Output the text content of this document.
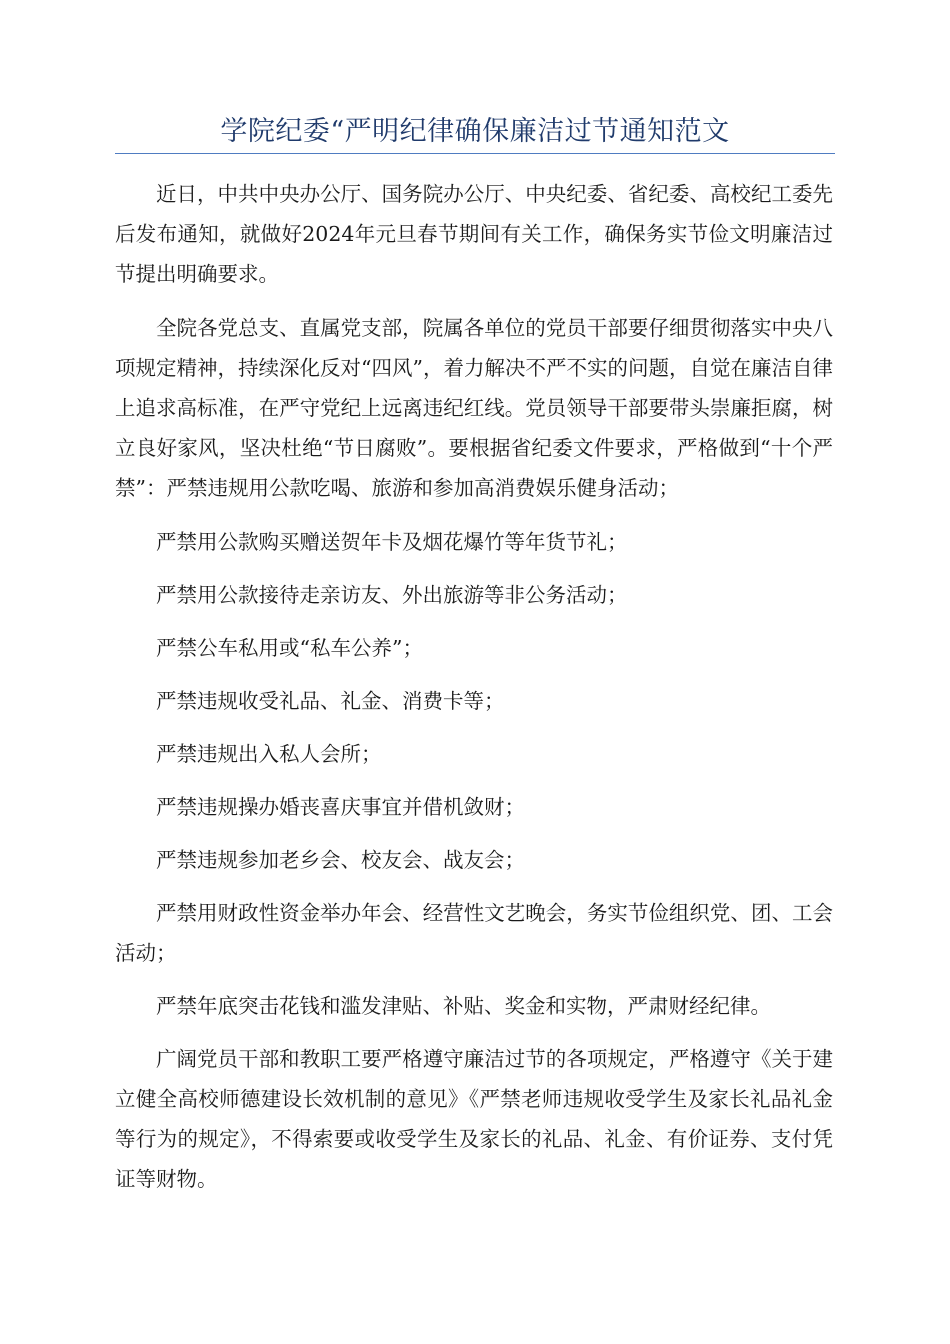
学院纪委“严明纪律确保廉洁过节通知范文

近日，中共中央办公厅、国务院办公厅、中央纪委、省纪委、高校纪工委先后发布通知，就做好2024年元旦春节期间有关工作，确保务实节俭文明廉洁过节提出明确要求。

全院各党总支、直属党支部，院属各单位的党员干部要仔细贯彻落实中央八项规定精神，持续深化反对“四风”，着力解决不严不实的问题，自觉在廉洁自律上追求高标准，在严守党纪上远离违纪红线。党员领导干部要带头崇廉拒腐，树立良好家风，坚决杜绝“节日腐败”。要根据省纪委文件要求，严格做到“十个严禁”：严禁违规用公款吃喝、旅游和参加高消费娱乐健身活动；

严禁用公款购买赠送贺年卡及烟花爆竹等年货节礼；

严禁用公款接待走亲访友、外出旅游等非公务活动；

严禁公车私用或“私车公养”；

严禁违规收受礼品、礼金、消费卡等；

严禁违规出入私人会所；

严禁违规操办婚丧喜庆事宜并借机敛财；

严禁违规参加老乡会、校友会、战友会；

严禁用财政性资金举办年会、经营性文艺晚会，务实节俭组织党、团、工会活动；

严禁年底突击花钱和滥发津贴、补贴、奖金和实物，严肃财经纪律。

广阔党员干部和教职工要严格遵守廉洁过节的各项规定，严格遵守《关于建立健全高校师德建设长效机制的意见》《严禁老师违规收受学生及家长礼品礼金等行为的规定》，不得索要或收受学生及家长的礼品、礼金、有价证券、支付凭证等财物。
